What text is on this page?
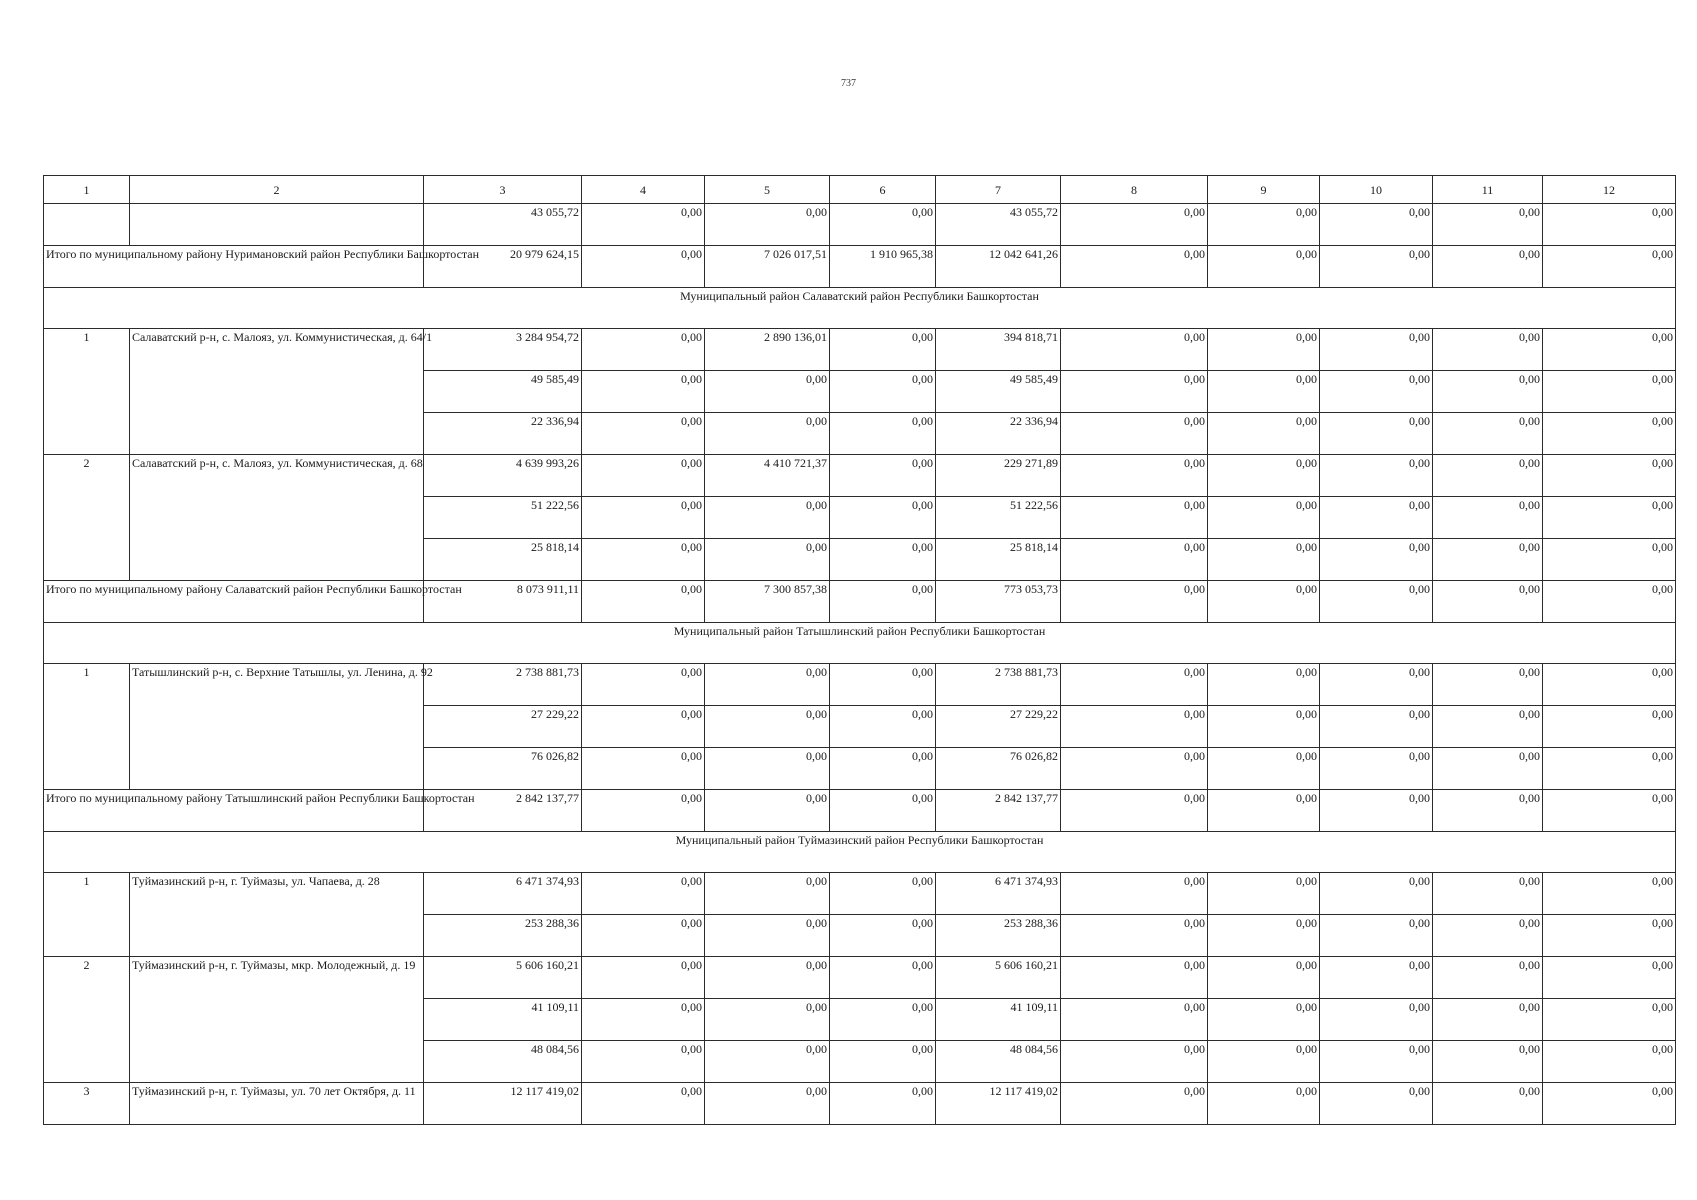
737
1	2	3	4	5	6	7	8	9	10	11	12
		43 055,72	0,00	0,00	0,00	43 055,72	0,00	0,00	0,00	0,00	0,00
Итого по муниципальному району Нуримановский район Республики Башкортостан		20 979 624,15	0,00	7 026 017,51	1 910 965,38	12 042 641,26	0,00	0,00	0,00	0,00	0,00
Муниципальный район Салаватский район Республики Башкортостан											
1	Салаватский р-н, с. Малояз, ул. Коммунистическая, д. 64/1	3 284 954,72	0,00	2 890 136,01	0,00	394 818,71	0,00	0,00	0,00	0,00	0,00
		49 585,49	0,00	0,00	0,00	49 585,49	0,00	0,00	0,00	0,00	0,00
		22 336,94	0,00	0,00	0,00	22 336,94	0,00	0,00	0,00	0,00	0,00
2	Салаватский р-н, с. Малояз, ул. Коммунистическая, д. 68	4 639 993,26	0,00	4 410 721,37	0,00	229 271,89	0,00	0,00	0,00	0,00	0,00
		51 222,56	0,00	0,00	0,00	51 222,56	0,00	0,00	0,00	0,00	0,00
		25 818,14	0,00	0,00	0,00	25 818,14	0,00	0,00	0,00	0,00	0,00
Итого по муниципальному району Салаватский район Республики Башкортостан		8 073 911,11	0,00	7 300 857,38	0,00	773 053,73	0,00	0,00	0,00	0,00	0,00
Муниципальный район Татышлинский район Республики Башкортостан											
1	Татышлинский р-н, с. Верхние Татышлы, ул. Ленина, д. 92	2 738 881,73	0,00	0,00	0,00	2 738 881,73	0,00	0,00	0,00	0,00	0,00
		27 229,22	0,00	0,00	0,00	27 229,22	0,00	0,00	0,00	0,00	0,00
		76 026,82	0,00	0,00	0,00	76 026,82	0,00	0,00	0,00	0,00	0,00
Итого по муниципальному району Татышлинский район Республики Башкортостан		2 842 137,77	0,00	0,00	0,00	2 842 137,77	0,00	0,00	0,00	0,00	0,00
Муниципальный район Туймазинский район Республики Башкортостан											
1	Туймазинский р-н, г. Туймазы, ул. Чапаева, д. 28	6 471 374,93	0,00	0,00	0,00	6 471 374,93	0,00	0,00	0,00	0,00	0,00
		253 288,36	0,00	0,00	0,00	253 288,36	0,00	0,00	0,00	0,00	0,00
2	Туймазинский р-н, г. Туймазы, мкр. Молодежный, д. 19	5 606 160,21	0,00	0,00	0,00	5 606 160,21	0,00	0,00	0,00	0,00	0,00
		41 109,11	0,00	0,00	0,00	41 109,11	0,00	0,00	0,00	0,00	0,00
		48 084,56	0,00	0,00	0,00	48 084,56	0,00	0,00	0,00	0,00	0,00
3	Туймазинский р-н, г. Туймазы, ул. 70 лет Октября, д. 11	12 117 419,02	0,00	0,00	0,00	12 117 419,02	0,00	0,00	0,00	0,00	0,00
